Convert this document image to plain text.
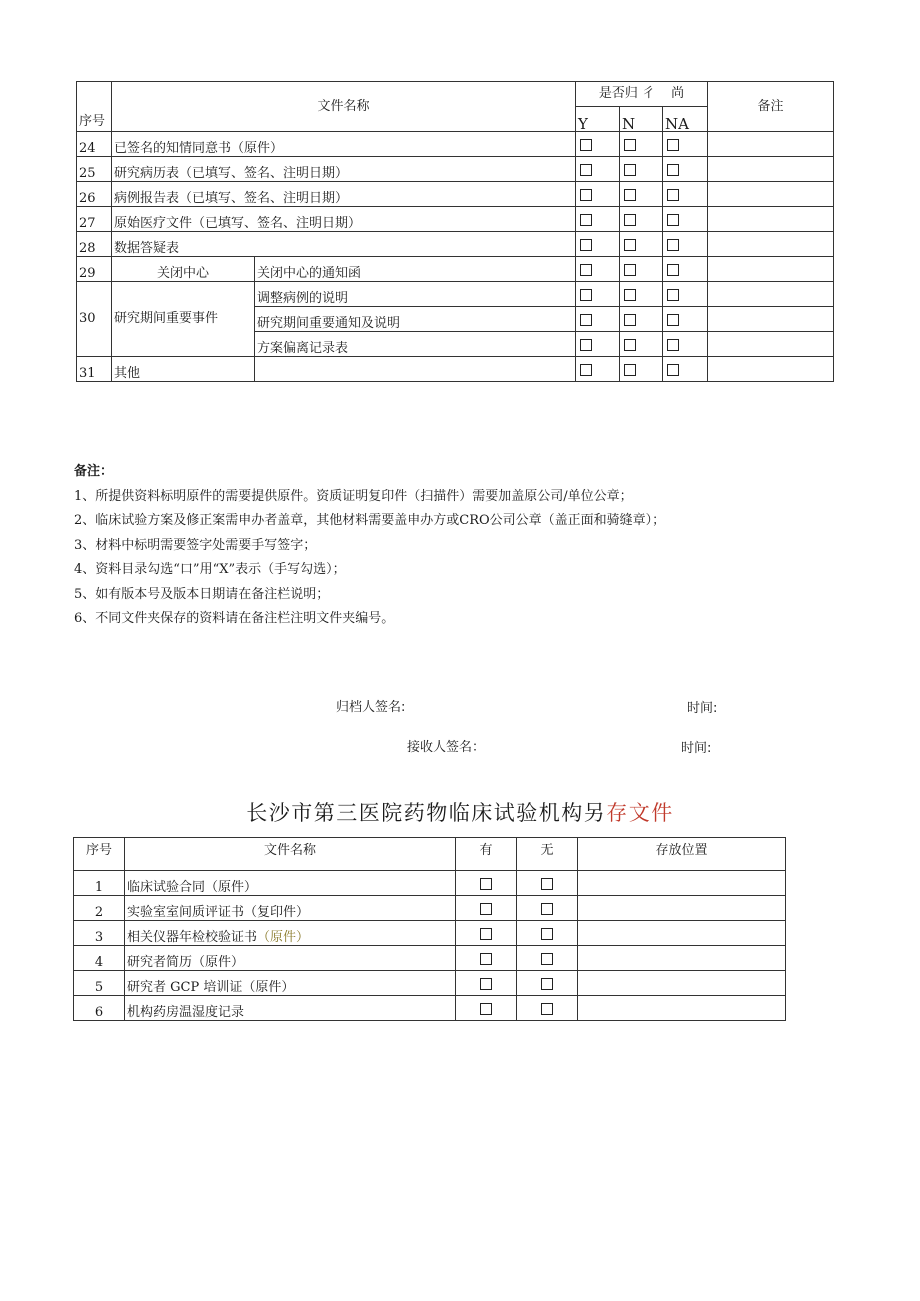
序号	文件名称		是否归 彳 尚			备注
			Y	N	NA	
24	已签名的知情同意书（原件）					
25	研究病历表（已填写、签名、注明日期）					
26	病例报告表（已填写、签名、注明日期）					
27	原始医疗文件（已填写、签名、注明日期）					
28	数据答疑表					
29	关闭中心	关闭中心的通知函				
30	研究期间重要事件	调整病例的说明				
		研究期间重要通知及说明				
		方案偏离记录表				
31	其他					
备注：
1、所提供资料标明原件的需要提供原件。资质证明复印件（扫描件）需要加盖原公司/单位公章；
2、临床试验方案及修正案需申办者盖章，其他材料需要盖申办方或CRO公司公章（盖正面和骑缝章）；
3、材料中标明需要签字处需要手写签字；
4、资料目录勾选“口”用“X”表示（手写勾选）；
5、如有版本号及版本日期请在备注栏说明；
6、不同文件夹保存的资料请在备注栏注明文件夹编号。
归档人签名:	时间:
接收人签名：	时间:
长沙市第三医院药物临床试验机构另存文件
序号	文件名称	有	无	存放位置
1	临床试验合同（原件）			
2	实验室室间质评证书（复印件）			
3	相关仪器年检校验证书（原件）			
4	研究者简历（原件）			
5	研究者 GCP 培训证（原件）			
6	机构药房温湿度记录			
